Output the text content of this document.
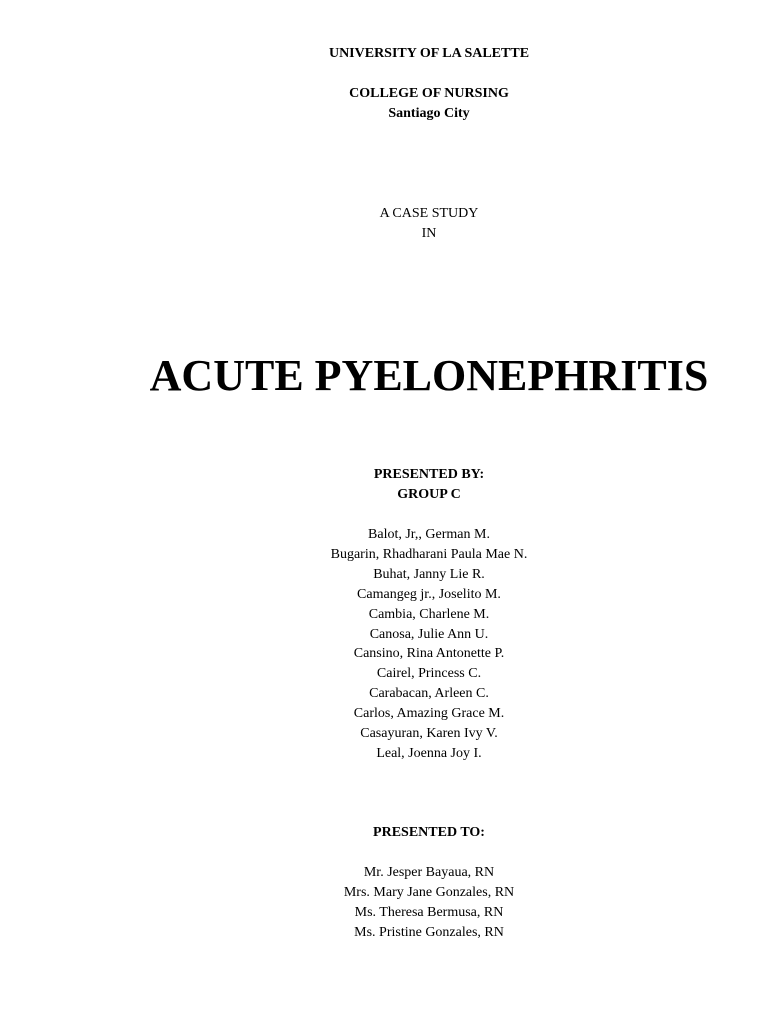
UNIVERSITY OF LA SALETTE
COLLEGE OF NURSING
Santiago City
A CASE STUDY
IN
ACUTE PYELONEPHRITIS
PRESENTED BY:
GROUP C
Balot, Jr,, German M.
Bugarin, Rhadharani Paula Mae N.
Buhat, Janny Lie R.
Camangeg jr., Joselito M.
Cambia, Charlene M.
Canosa, Julie Ann U.
Cansino, Rina Antonette P.
Cairel, Princess C.
Carabacan, Arleen C.
Carlos, Amazing Grace M.
Casayuran, Karen Ivy V.
Leal, Joenna Joy I.
PRESENTED TO:
Mr. Jesper Bayaua, RN
Mrs. Mary Jane Gonzales, RN
Ms. Theresa Bermusa, RN
Ms. Pristine Gonzales, RN
